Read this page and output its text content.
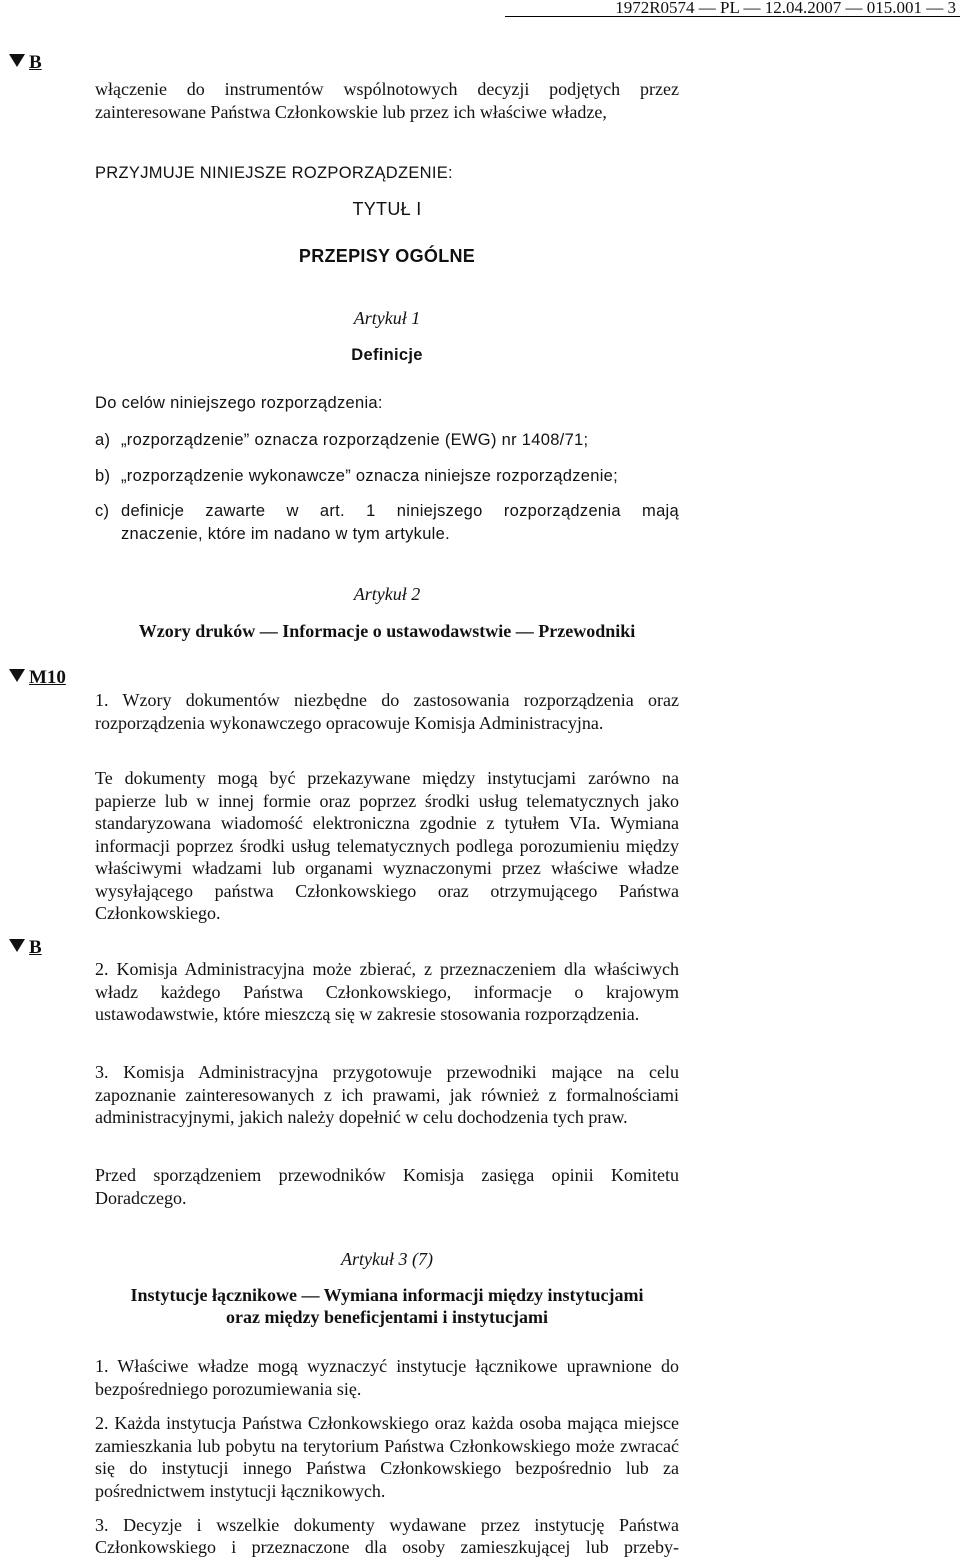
1972R0574 — PL — 12.04.2007 — 015.001 — 3
B

włączenie do instrumentów wspólnotowych decyzji podjętych przez zainteresowane Państwa Członkowskie lub przez ich właściwe władze,

PRZYJMUJE NINIEJSZE ROZPORZĄDZENIE:

TYTUŁ I
PRZEPISY OGÓLNE
Artykuł 1
Definicje
Do celów niniejszego rozporządzenia:
a) „rozporządzenie” oznacza rozporządzenie (EWG) nr 1408/71;
b) „rozporządzenie wykonawcze” oznacza niniejsze rozporządzenie;
c) definicje zawarte w art. 1 niniejszego rozporządzenia mają
znaczenie, które im nadano w tym artykule.
Artykuł 2
Wzory druków — Informacje o ustawodawstwie — Przewodniki
M10

1. Wzory dokumentów niezbędne do zastosowania rozporządzenia oraz rozporządzenia wykonawczego opracowuje Komisja Administracyjna.

Te dokumenty mogą być przekazywane między instytucjami zarówno na papierze lub w innej formie oraz poprzez środki usług telematycznych jako standaryzowana wiadomość elektroniczna zgodnie z tytułem VIa. Wymiana informacji poprzez środki usług telematycznych podlega porozumieniu między właściwymi władzami lub organami wyznaczonymi przez właściwe władze wysyłającego państwa Członkowskiego oraz otrzymującego Państwa Członkowskiego.

B

2. Komisja Administracyjna może zbierać, z przeznaczeniem dla właściwych władz każdego Państwa Członkowskiego, informacje o krajowym ustawodawstwie, które mieszczą się w zakresie stosowania rozporządzenia.

3. Komisja Administracyjna przygotowuje przewodniki mające na celu zapoznanie zainteresowanych z ich prawami, jak również z formalnościami administracyjnymi, jakich należy dopełnić w celu dochodzenia tych praw.

Przed sporządzeniem przewodników Komisja zasięga opinii Komitetu Doradczego.

Artykuł 3 (7)
Instytucje łącznikowe — Wymiana informacji między instytucjami
oraz między beneficjentami i instytucjami

1. Właściwe władze mogą wyznaczyć instytucje łącznikowe uprawnione do bezpośredniego porozumiewania się.

2. Każda instytucja Państwa Członkowskiego oraz każda osoba mająca miejsce zamieszkania lub pobytu na terytorium Państwa Członkowskiego może zwracać się do instytucji innego Państwa Członkowskiego bezpośrednio lub za pośrednictwem instytucji łącznikowych.

3. Decyzje i wszelkie dokumenty wydawane przez instytucję Państwa
Członkowskiego i przeznaczone dla osoby zamieszkującej lub przeby-
